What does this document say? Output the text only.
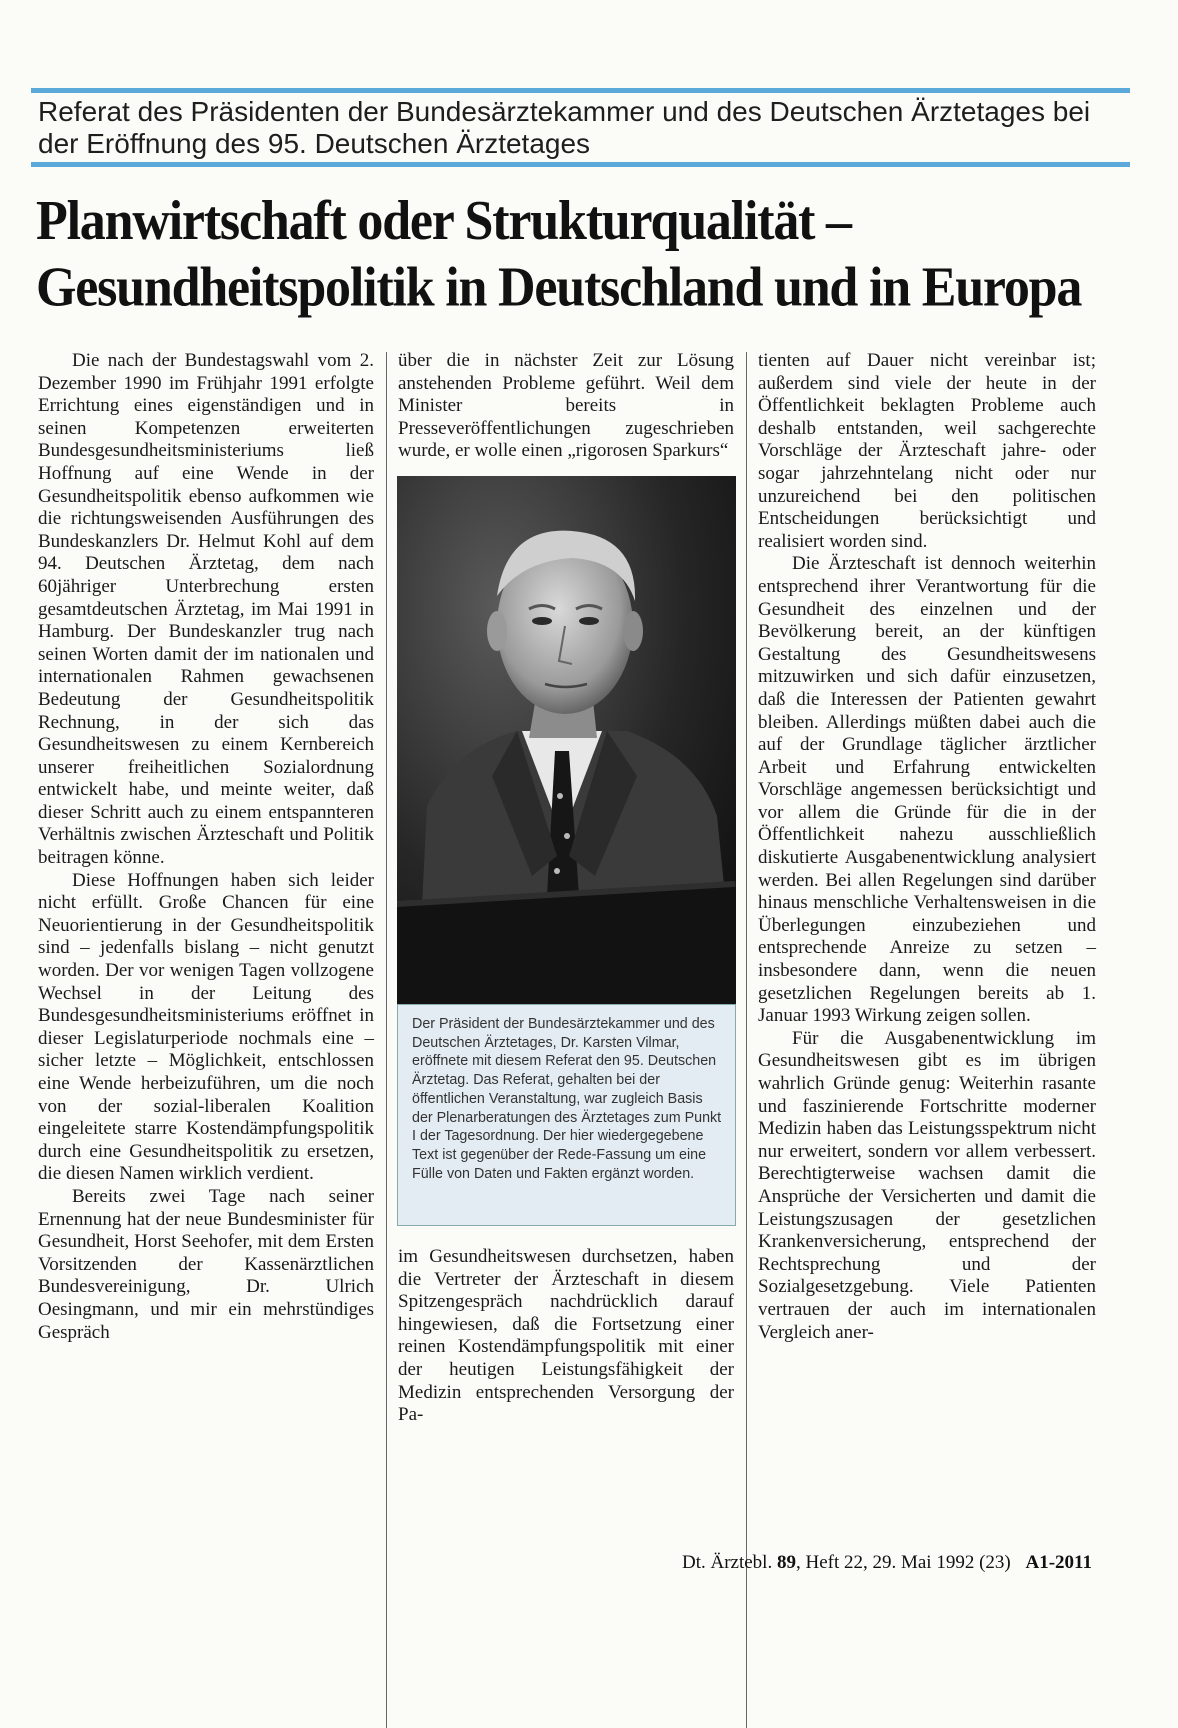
Referat des Präsidenten der Bundesärztekammer und des Deutschen Ärztetages bei der Eröffnung des 95. Deutschen Ärztetages

Planwirtschaft oder Strukturqualität –
Gesundheitspolitik in Deutschland und in Europa

Die nach der Bundestagswahl vom 2. Dezember 1990 im Frühjahr 1991 erfolgte Errichtung eines eigenständigen und in seinen Kompetenzen erweiterten Bundesgesundheitsministeriums ließ Hoffnung auf eine Wende in der Gesundheitspolitik ebenso aufkommen wie die richtungsweisenden Ausführungen des Bundeskanzlers Dr. Helmut Kohl auf dem 94. Deutschen Ärztetag, dem nach 60jähriger Unterbrechung ersten gesamtdeutschen Ärztetag, im Mai 1991 in Hamburg. Der Bundeskanzler trug nach seinen Worten damit der im nationalen und internationalen Rahmen gewachsenen Bedeutung der Gesundheitspolitik Rechnung, in der sich das Gesundheitswesen zu einem Kernbereich unserer freiheitlichen Sozialordnung entwickelt habe, und meinte weiter, daß dieser Schritt auch zu einem entspannteren Verhältnis zwischen Ärzteschaft und Politik beitragen könne.

Diese Hoffnungen haben sich leider nicht erfüllt. Große Chancen für eine Neuorientierung in der Gesundheitspolitik sind – jedenfalls bislang – nicht genutzt worden. Der vor wenigen Tagen vollzogene Wechsel in der Leitung des Bundesgesundheitsministeriums eröffnet in dieser Legislaturperiode nochmals eine – sicher letzte – Möglichkeit, entschlossen eine Wende herbeizuführen, um die noch von der sozial-liberalen Koalition eingeleitete starre Kostendämpfungspolitik durch eine Gesundheitspolitik zu ersetzen, die diesen Namen wirklich verdient.

Bereits zwei Tage nach seiner Ernennung hat der neue Bundesminister für Gesundheit, Horst Seehofer, mit dem Ersten Vorsitzenden der Kassenärztlichen Bundesvereinigung, Dr. Ulrich Oesingmann, und mir ein mehrstündiges Gespräch

über die in nächster Zeit zur Lösung anstehenden Probleme geführt. Weil dem Minister bereits in Presseveröffentlichungen zugeschrieben wurde, er wolle einen „rigorosen Sparkurs“

Der Präsident der Bundesärztekammer und des Deutschen Ärztetages, Dr. Karsten Vilmar, eröffnete mit diesem Referat den 95. Deutschen Ärztetag. Das Referat, gehalten bei der öffentlichen Veranstaltung, war zugleich Basis der Plenarberatungen des Ärztetages zum Punkt I der Tagesordnung. Der hier wiedergegebene Text ist gegenüber der Rede-Fassung um eine Fülle von Daten und Fakten ergänzt worden.

im Gesundheitswesen durchsetzen, haben die Vertreter der Ärzteschaft in diesem Spitzengespräch nachdrücklich darauf hingewiesen, daß die Fortsetzung einer reinen Kostendämpfungspolitik mit einer der heutigen Leistungsfähigkeit der Medizin entsprechenden Versorgung der Pa-

tienten auf Dauer nicht vereinbar ist; außerdem sind viele der heute in der Öffentlichkeit beklagten Probleme auch deshalb entstanden, weil sachgerechte Vorschläge der Ärzteschaft jahre- oder sogar jahrzehntelang nicht oder nur unzureichend bei den politischen Entscheidungen berücksichtigt und realisiert worden sind.

Die Ärzteschaft ist dennoch weiterhin entsprechend ihrer Verantwortung für die Gesundheit des einzelnen und der Bevölkerung bereit, an der künftigen Gestaltung des Gesundheitswesens mitzuwirken und sich dafür einzusetzen, daß die Interessen der Patienten gewahrt bleiben. Allerdings müßten dabei auch die auf der Grundlage täglicher ärztlicher Arbeit und Erfahrung entwickelten Vorschläge angemessen berücksichtigt und vor allem die Gründe für die in der Öffentlichkeit nahezu ausschließlich diskutierte Ausgabenentwicklung analysiert werden. Bei allen Regelungen sind darüber hinaus menschliche Verhaltensweisen in die Überlegungen einzubeziehen und entsprechende Anreize zu setzen – insbesondere dann, wenn die neuen gesetzlichen Regelungen bereits ab 1. Januar 1993 Wirkung zeigen sollen.

Für die Ausgabenentwicklung im Gesundheitswesen gibt es im übrigen wahrlich Gründe genug: Weiterhin rasante und faszinierende Fortschritte moderner Medizin haben das Leistungsspektrum nicht nur erweitert, sondern vor allem verbessert. Berechtigterweise wachsen damit die Ansprüche der Versicherten und damit die Leistungszusagen der gesetzlichen Krankenversicherung, entsprechend der Rechtsprechung und der Sozialgesetzgebung. Viele Patienten vertrauen der auch im internationalen Vergleich aner-

Dt. Ärztebl. 89, Heft 22, 29. Mai 1992 (23) A1-2011
